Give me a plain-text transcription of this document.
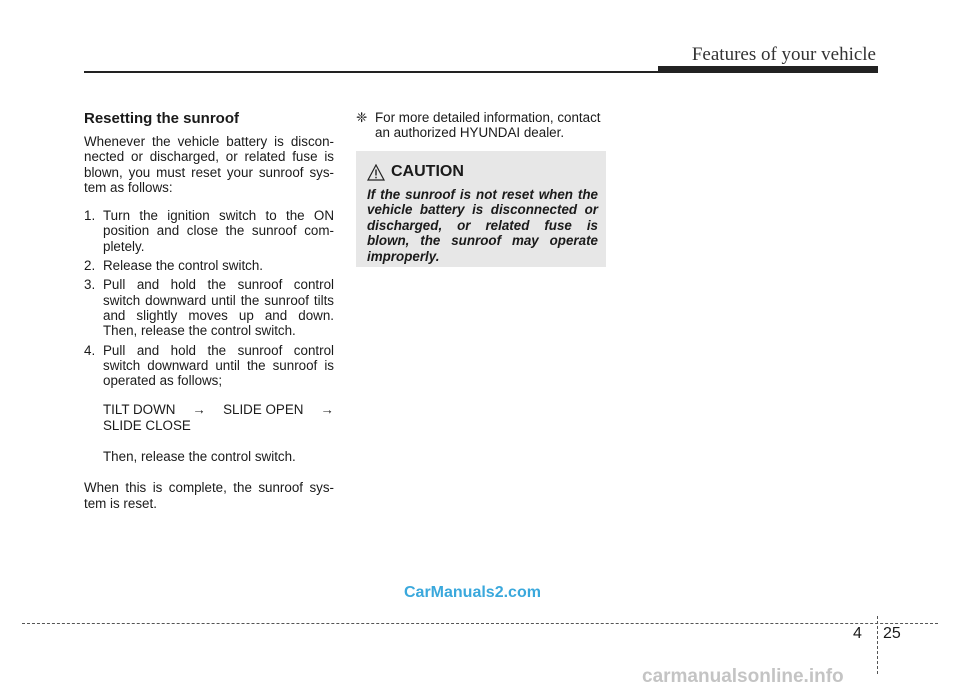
Features of your vehicle
Resetting the sunroof

Whenever the vehicle battery is discon-nected or discharged, or related fuse is blown, you must reset your sunroof sys-tem as follows:

1. Turn the ignition switch to the ON position and close the sunroof com-pletely.
2. Release the control switch.
3. Pull and hold the sunroof control switch downward until the sunroof tilts and slightly moves up and down. Then, release the control switch.
4. Pull and hold the sunroof control switch downward until the sunroof is operated as follows;
TILT DOWN → SLIDE OPEN →
SLIDE CLOSE
Then, release the control switch.

When this is complete, the sunroof sys-tem is reset.

❈ For more detailed information, contact an authorized HYUNDAI dealer.
CAUTION
If the sunroof is not reset when the vehicle battery is disconnected or discharged, or related fuse is blown, the sunroof may operate improperly.
CarManuals2.com
4 25
carmanualsonline.info
